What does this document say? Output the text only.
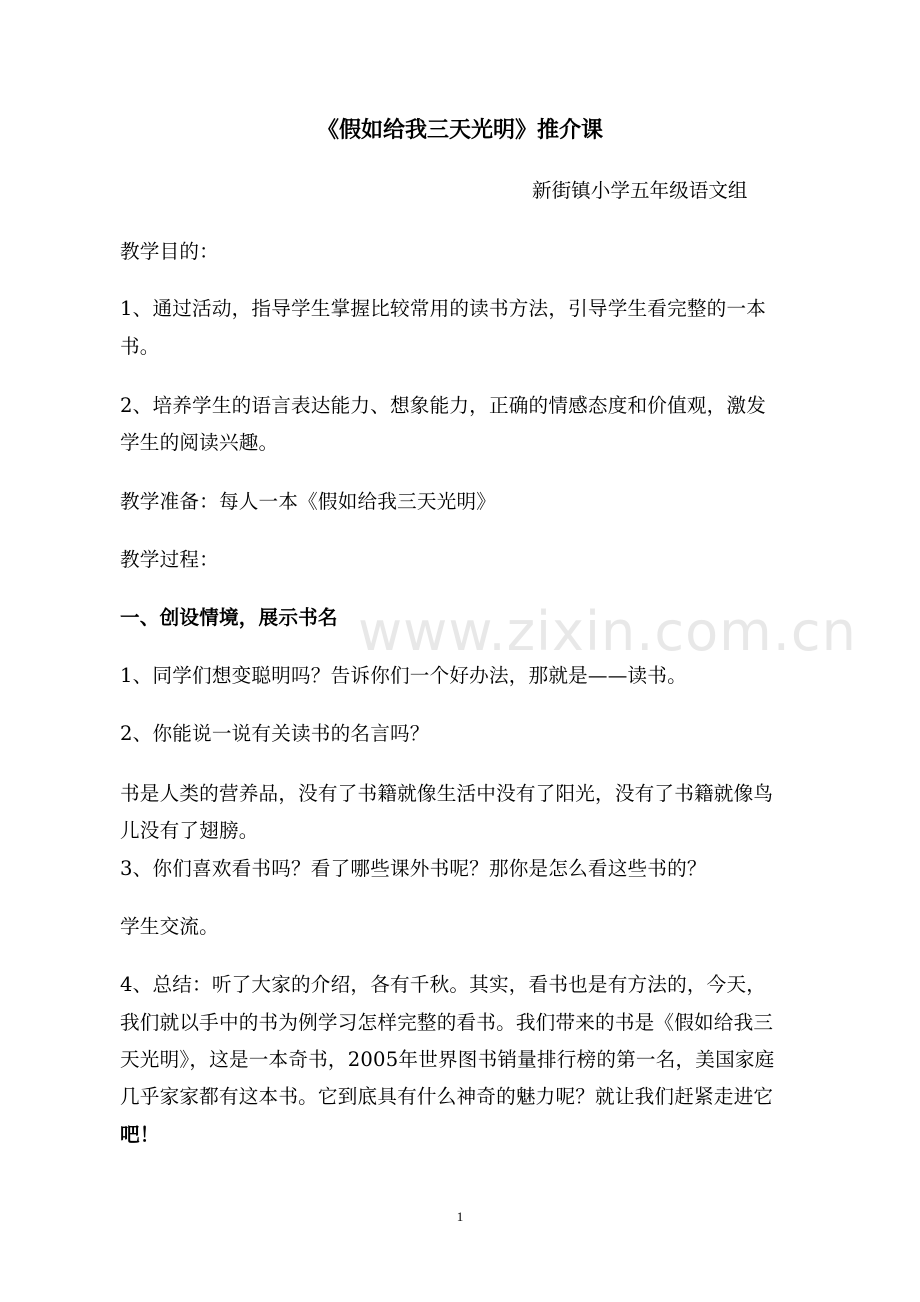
《假如给我三天光明》推介课
新街镇小学五年级语文组
教学目的：
1、通过活动，指导学生掌握比较常用的读书方法，引导学生看完整的一本
书。
2、培养学生的语言表达能力、想象能力，正确的情感态度和价值观，激发
学生的阅读兴趣。
教学准备：每人一本《假如给我三天光明》
教学过程：
一、创设情境，展示书名
1、同学们想变聪明吗？告诉你们一个好办法，那就是——读书。
2、你能说一说有关读书的名言吗？
书是人类的营养品，没有了书籍就像生活中没有了阳光，没有了书籍就像鸟
儿没有了翅膀。
3、你们喜欢看书吗？看了哪些课外书呢？那你是怎么看这些书的？
学生交流。
4、总结：听了大家的介绍，各有千秋。其实，看书也是有方法的，今天，
我们就以手中的书为例学习怎样完整的看书。我们带来的书是《假如给我三
天光明》，这是一本奇书，2005年世界图书销量排行榜的第一名，美国家庭
几乎家家都有这本书。它到底具有什么神奇的魅力呢？就让我们赶紧走进它
吧！
www.zixin.com.cn
1
